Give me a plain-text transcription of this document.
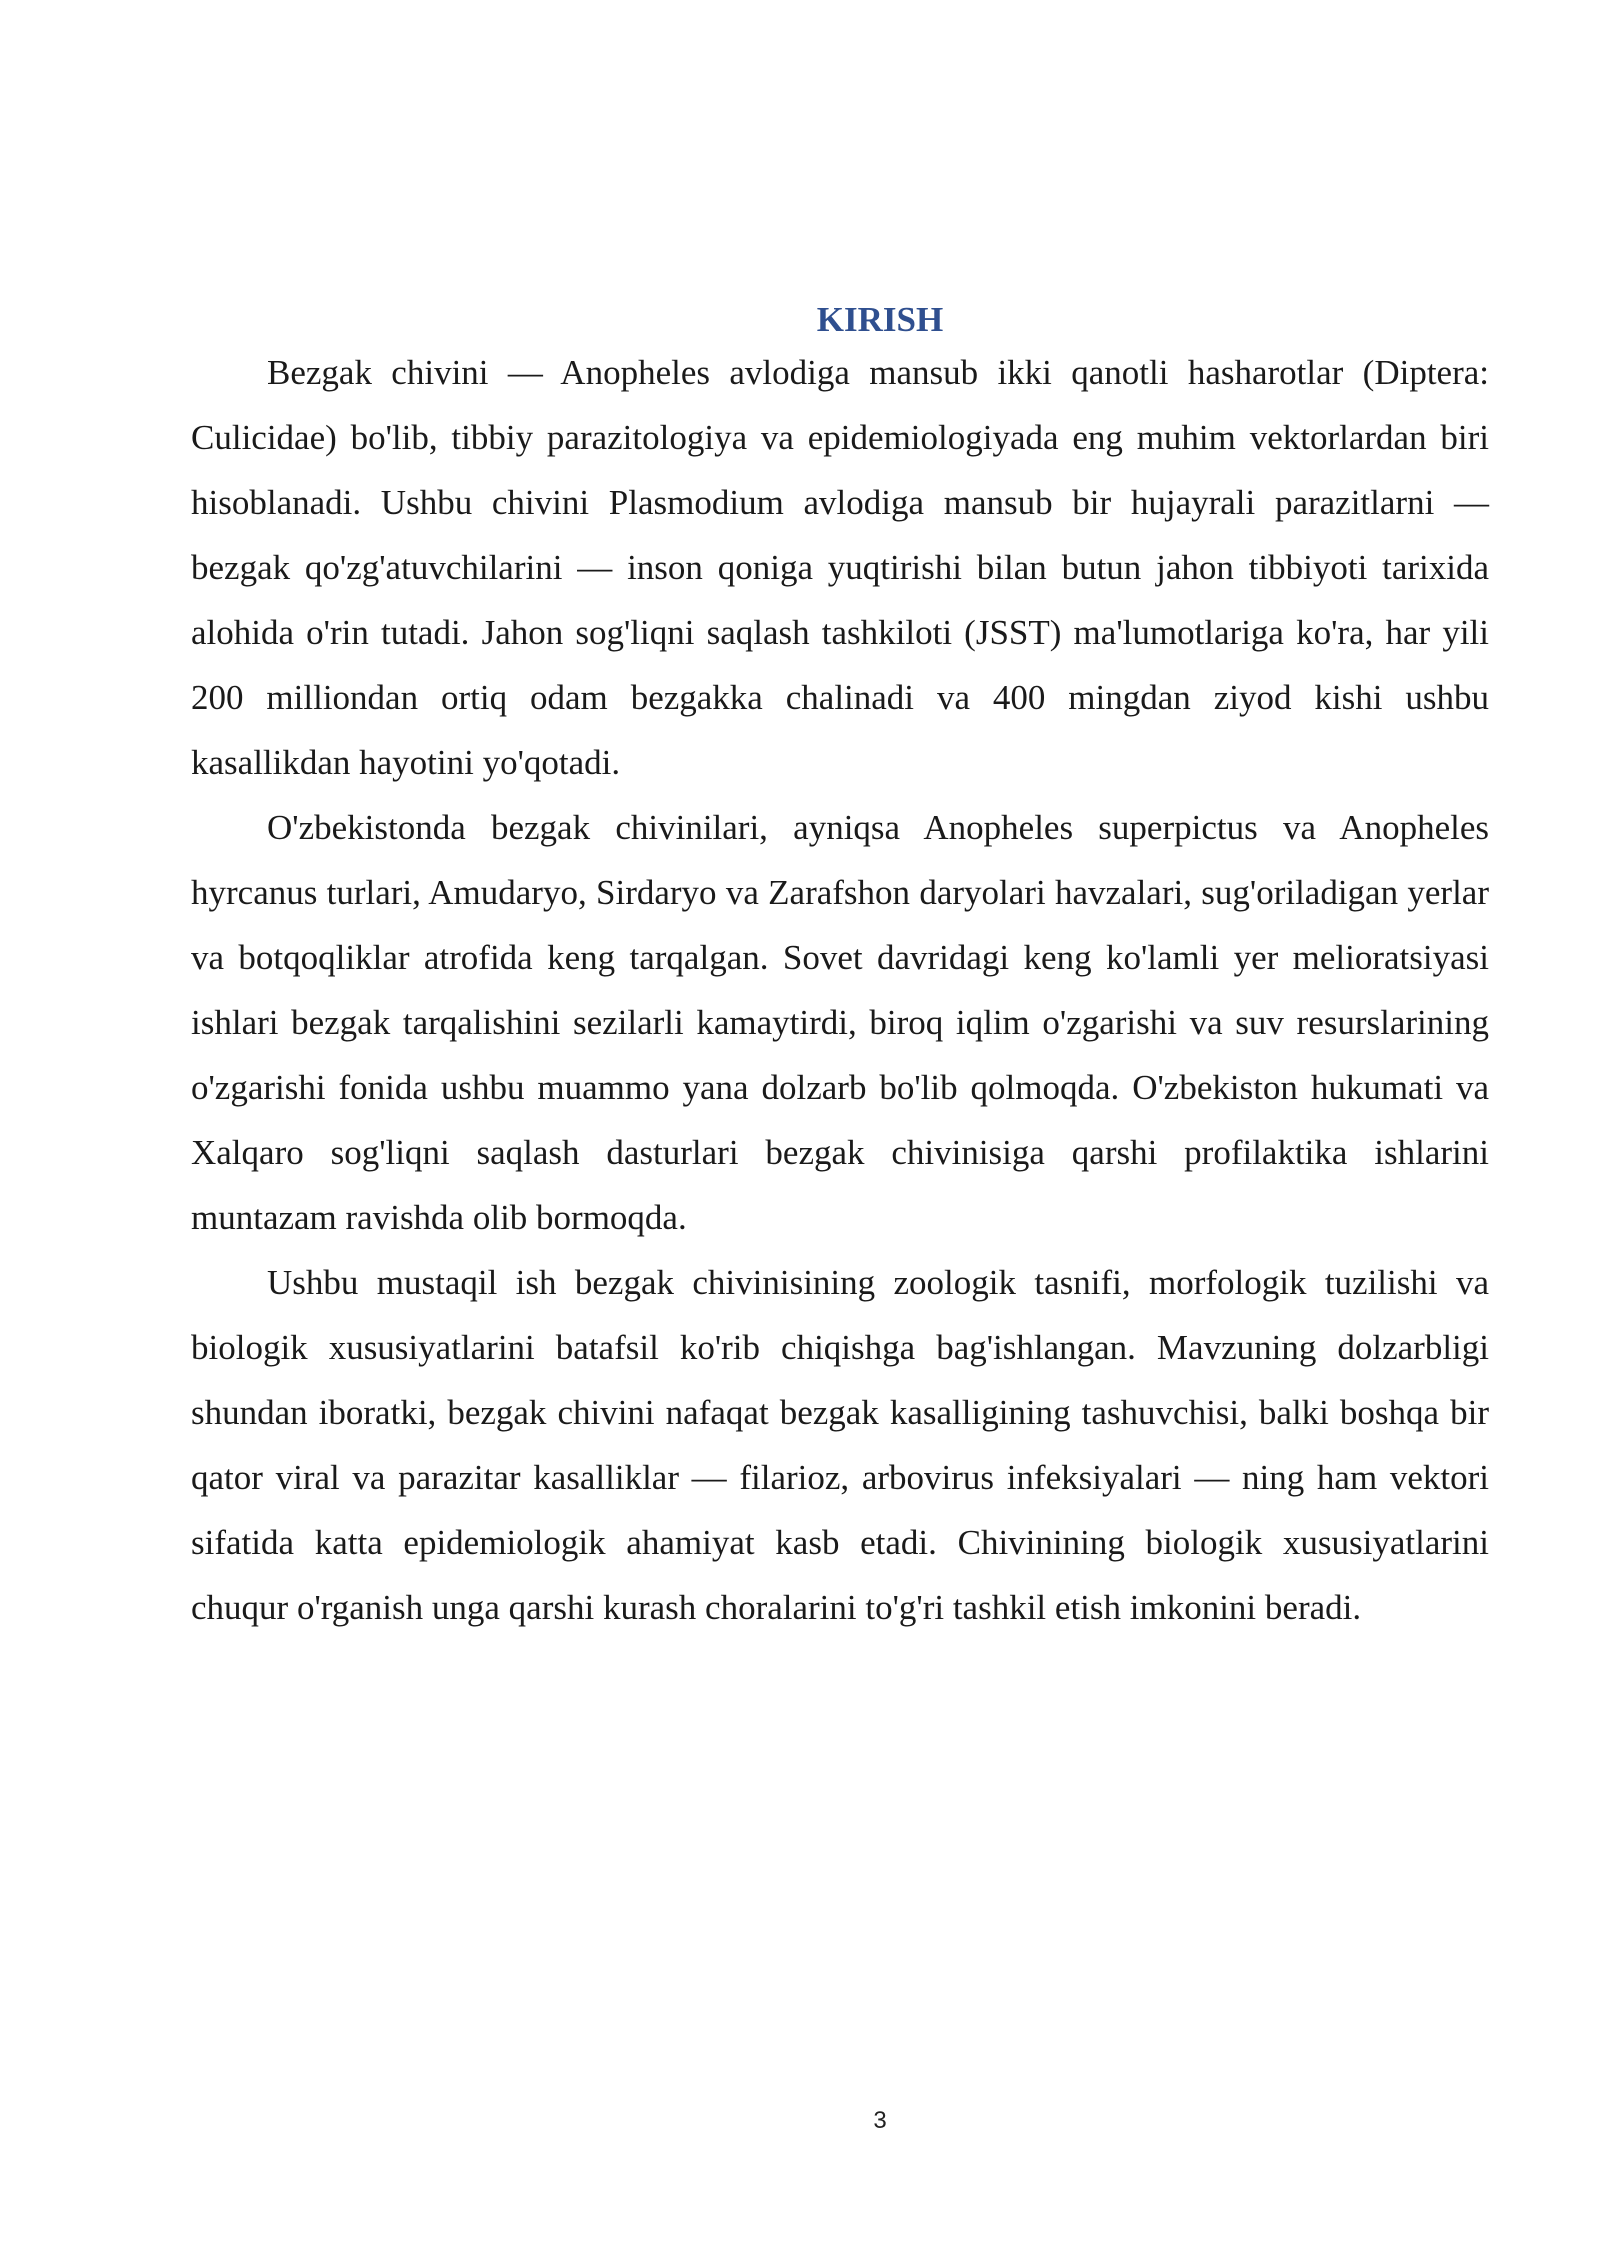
KIRISH

Bezgak chivini — Anopheles avlodiga mansub ikki qanotli hasharotlar (Diptera: Culicidae) bo'lib, tibbiy parazitologiya va epidemiologiyada eng muhim vektorlardan biri hisoblanadi. Ushbu chivini Plasmodium avlodiga mansub bir hujayrali parazitlarni — bezgak qo'zg'atuvchilarini — inson qoniga yuqtirishi bilan butun jahon tibbiyoti tarixida alohida o'rin tutadi. Jahon sog'liqni saqlash tashkiloti (JSST) ma'lumotlariga ko'ra, har yili 200 milliondan ortiq odam bezgakka chalinadi va 400 mingdan ziyod kishi ushbu kasallikdan hayotini yo'qotadi.

O'zbekistonda bezgak chivinilari, ayniqsa Anopheles superpictus va Anopheles hyrcanus turlari, Amudaryo, Sirdaryo va Zarafshon daryolari havzalari, sug'oriladigan yerlar va botqoqliklar atrofida keng tarqalgan. Sovet davridagi keng ko'lamli yer melioratsiyasi ishlari bezgak tarqalishini sezilarli kamaytirdi, biroq iqlim o'zgarishi va suv resurslarining o'zgarishi fonida ushbu muammo yana dolzarb bo'lib qolmoqda. O'zbekiston hukumati va Xalqaro sog'liqni saqlash dasturlari bezgak chivinisiga qarshi profilaktika ishlarini muntazam ravishda olib bormoqda.

Ushbu mustaqil ish bezgak chivinisining zoologik tasnifi, morfologik tuzilishi va biologik xususiyatlarini batafsil ko'rib chiqishga bag'ishlangan. Mavzuning dolzarbligi shundan iboratki, bezgak chivini nafaqat bezgak kasalligining tashuvchisi, balki boshqa bir qator viral va parazitar kasalliklar — filarioz, arbovirus infeksiyalari — ning ham vektori sifatida katta epidemiologik ahamiyat kasb etadi. Chivinining biologik xususiyatlarini chuqur o'rganish unga qarshi kurash choralarini to'g'ri tashkil etish imkonini beradi.

3
